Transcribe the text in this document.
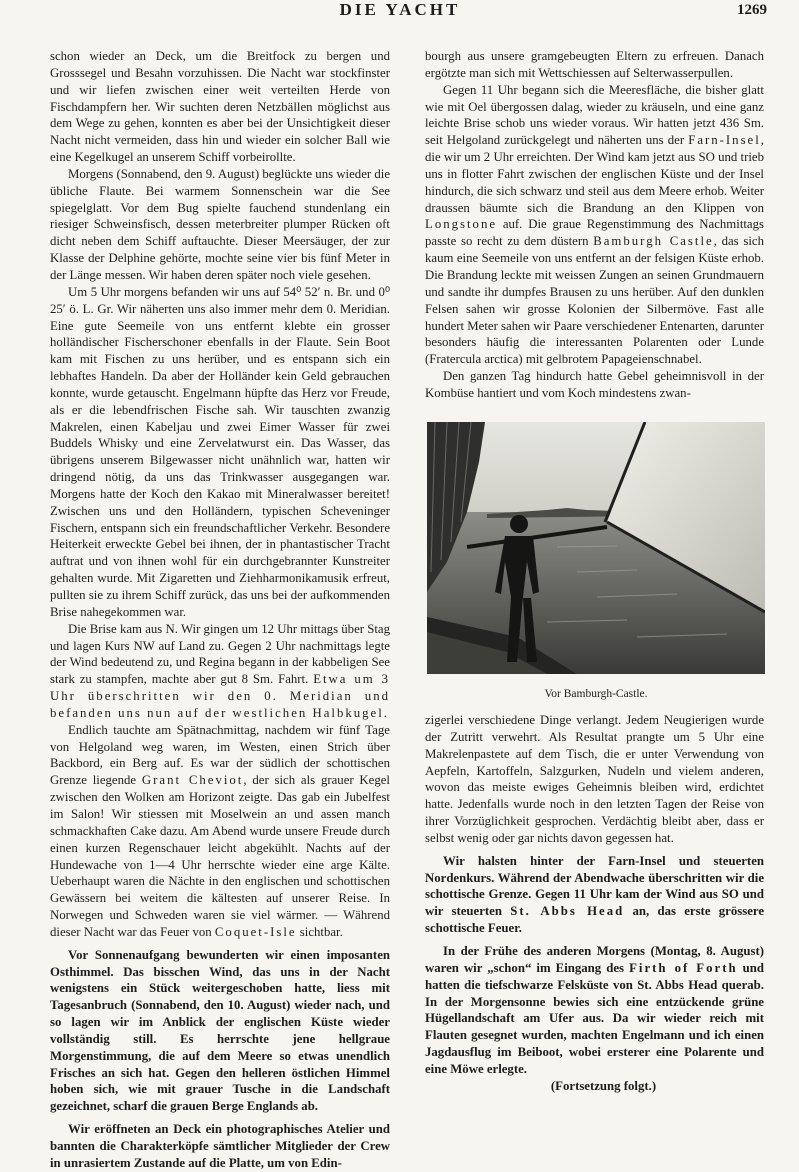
DIE YACHT	1269

schon wieder an Deck, um die Breitfock zu bergen und Grosssegel und Besahn vorzuhissen. Die Nacht war stockfinster und wir liefen zwischen einer weit verteilten Herde von Fischdampfern her. Wir suchten deren Netzbällen möglichst aus dem Wege zu gehen, konnten es aber bei der Unsichtigkeit dieser Nacht nicht vermeiden, dass hin und wieder ein solcher Ball wie eine Kegelkugel an unserem Schiff vorbeirollte.

Morgens (Sonnabend, den 9. August) beglückte uns wieder die übliche Flaute. Bei warmem Sonnenschein war die See spiegelglatt. Vor dem Bug spielte fauchend stundenlang ein riesiger Schweinsfisch, dessen meterbreiter plumper Rücken oft dicht neben dem Schiff auftauchte. Dieser Meersäuger, der zur Klasse der Delphine gehörte, mochte seine vier bis fünf Meter in der Länge messen. Wir haben deren später noch viele gesehen.

Um 5 Uhr morgens befanden wir uns auf 54⁰ 52′ n. Br. und 0⁰ 25′ ö. L. Gr. Wir näherten uns also immer mehr dem 0. Meridian. Eine gute Seemeile von uns entfernt klebte ein grosser holländischer Fischerschoner ebenfalls in der Flaute. Sein Boot kam mit Fischen zu uns herüber, und es entspann sich ein lebhaftes Handeln. Da aber der Holländer kein Geld gebrauchen konnte, wurde getauscht. Engelmann hüpfte das Herz vor Freude, als er die lebendfrischen Fische sah. Wir tauschten zwanzig Makrelen, einen Kabeljau und zwei Eimer Wasser für zwei Buddels Whisky und eine Zervelatwurst ein. Das Wasser, das übrigens unserem Bilgewasser nicht unähnlich war, hatten wir dringend nötig, da uns das Trinkwasser ausgegangen war. Morgens hatte der Koch den Kakao mit Mineralwasser bereitet! Zwischen uns und den Holländern, typischen Scheveninger Fischern, entspann sich ein freundschaftlicher Verkehr. Besondere Heiterkeit erweckte Gebel bei ihnen, der in phantastischer Tracht auftrat und von ihnen wohl für ein durchgebrannter Kunstreiter gehalten wurde. Mit Zigaretten und Ziehharmonikamusik erfreut, pullten sie zu ihrem Schiff zurück, das uns bei der aufkommenden Brise nahegekommen war.

Die Brise kam aus N. Wir gingen um 12 Uhr mittags über Stag und lagen Kurs NW auf Land zu. Gegen 2 Uhr nachmittags legte der Wind bedeutend zu, und Regina begann in der kabbeligen See stark zu stampfen, machte aber gut 8 Sm. Fahrt. Etwa um 3 Uhr überschritten wir den 0. Meridian und befanden uns nun auf der westlichen Halbkugel.

Endlich tauchte am Spätnachmittag, nachdem wir fünf Tage von Helgoland weg waren, im Westen, einen Strich über Backbord, ein Berg auf. Es war der südlich der schottischen Grenze liegende Grant Cheviot, der sich als grauer Kegel zwischen den Wolken am Horizont zeigte. Das gab ein Jubelfest im Salon! Wir stiessen mit Moselwein an und assen manch schmackhaften Cake dazu. Am Abend wurde unsere Freude durch einen kurzen Regenschauer leicht abgekühlt. Nachts auf der Hundewache von 1—4 Uhr herrschte wieder eine arge Kälte. Ueberhaupt waren die Nächte in den englischen und schottischen Gewässern bei weitem die kältesten auf unserer Reise. In Norwegen und Schweden waren sie viel wärmer. — Während dieser Nacht war das Feuer von Coquet-Isle sichtbar.

Vor Sonnenaufgang bewunderten wir einen imposanten Osthimmel. Das bisschen Wind, das uns in der Nacht wenigstens ein Stück weitergeschoben hatte, liess mit Tagesanbruch (Sonnabend, den 10. August) wieder nach, und so lagen wir im Anblick der englischen Küste wieder vollständig still. Es herrschte jene hellgraue Morgenstimmung, die auf dem Meere so etwas unendlich Frisches an sich hat. Gegen den helleren östlichen Himmel hoben sich, wie mit grauer Tusche in die Landschaft gezeichnet, scharf die grauen Berge Englands ab.

Wir eröffneten an Deck ein photographisches Atelier und bannten die Charakterköpfe sämtlicher Mitglieder der Crew in unrasiertem Zustande auf die Platte, um von Edin-

bourgh aus unsere gramgebeugten Eltern zu erfreuen. Danach ergötzte man sich mit Wettschiessen auf Selterwasserpullen.

Gegen 11 Uhr begann sich die Meeresfläche, die bisher glatt wie mit Oel übergossen dalag, wieder zu kräuseln, und eine ganz leichte Brise schob uns wieder voraus. Wir hatten jetzt 436 Sm. seit Helgoland zurückgelegt und näherten uns der Farn-Insel, die wir um 2 Uhr erreichten. Der Wind kam jetzt aus SO und trieb uns in flotter Fahrt zwischen der englischen Küste und der Insel hindurch, die sich schwarz und steil aus dem Meere erhob. Weiter draussen bäumte sich die Brandung an den Klippen von Longstone auf. Die graue Regenstimmung des Nachmittags passte so recht zu dem düstern Bamburgh Castle, das sich kaum eine Seemeile von uns entfernt an der felsigen Küste erhob. Die Brandung leckte mit weissen Zungen an seinen Grundmauern und sandte ihr dumpfes Brausen zu uns herüber. Auf den dunklen Felsen sahen wir grosse Kolonien der Silbermöve. Fast alle hundert Meter sahen wir Paare verschiedener Entenarten, darunter besonders häufig die interessanten Polarenten oder Lunde (Fratercula arctica) mit gelbrotem Papageienschnabel.

Den ganzen Tag hindurch hatte Gebel geheimnisvoll in der Kombüse hantiert und vom Koch mindestens zwan-

Vor Bamburgh-Castle.

zigerlei verschiedene Dinge verlangt. Jedem Neugierigen wurde der Zutritt verwehrt. Als Resultat prangte um 5 Uhr eine Makrelenpastete auf dem Tisch, die er unter Verwendung von Aepfeln, Kartoffeln, Salzgurken, Nudeln und vielem anderen, wovon das meiste ewiges Geheimnis bleiben wird, erdichtet hatte. Jedenfalls wurde noch in den letzten Tagen der Reise von ihrer Vorzüglichkeit gesprochen. Verdächtig bleibt aber, dass er selbst wenig oder gar nichts davon gegessen hat.

Wir halsten hinter der Farn-Insel und steuerten Nordenkurs. Während der Abendwache überschritten wir die schottische Grenze. Gegen 11 Uhr kam der Wind aus SO und wir steuerten St. Abbs Head an, das erste grössere schottische Feuer.

In der Frühe des anderen Morgens (Montag, 8. August) waren wir „schon“ im Eingang des Firth of Forth und hatten die tiefschwarze Felsküste von St. Abbs Head querab. In der Morgensonne bewies sich eine entzückende grüne Hügellandschaft am Ufer aus. Da wir wieder reich mit Flauten gesegnet wurden, machten Engelmann und ich einen Jagdausflug im Beiboot, wobei ersterer eine Polarente und eine Möwe erlegte.

(Fortsetzung folgt.)
